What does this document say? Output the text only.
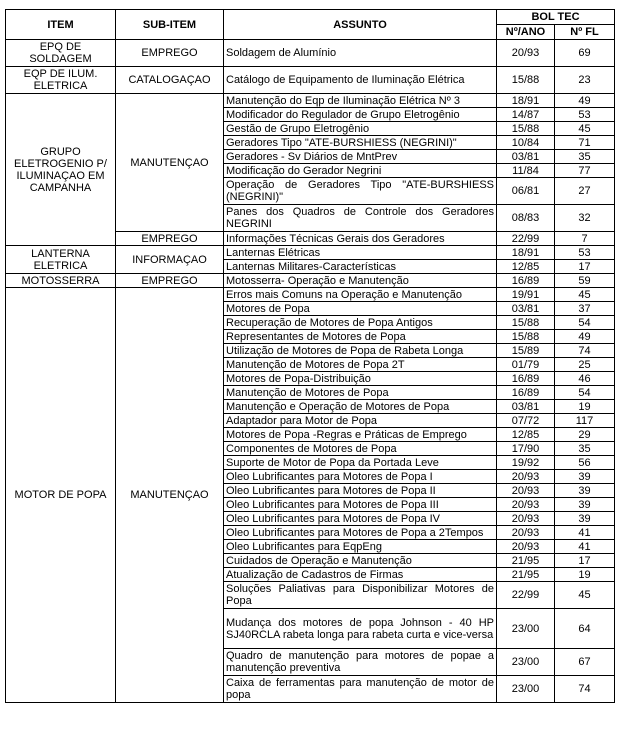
ITEM	SUB-ITEM	ASSUNTO	BOL TEC	
			Nº/ANO	Nº FL
EPQ DE SOLDAGEM	EMPREGO	Soldagem de Alumínio	20/93	69
EQP DE ILUM. ELETRICA	CATALOGAÇAO	Catálogo de Equipamento de Iluminação Elétrica	15/88	23
GRUPO ELETROGENIO P/ ILUMINAÇAO EM CAMPANHA	MANUTENÇAO	Manutenção do Eqp de Iluminação Elétrica Nº 3	18/91	49
		Modificador do Regulador de Grupo Eletrogênio	14/87	53
		Gestão de Grupo Eletrogênio	15/88	45
		Geradores Tipo "ATE-BURSHIESS (NEGRINI)"	10/84	71
		Geradores - Sv Diários de MntPrev	03/81	35
		Modificação do Gerador Negrini	11/84	77
		Operação de Geradores Tipo "ATE-BURSHIESS (NEGRINI)"	06/81	27
		Panes dos Quadros de Controle dos Geradores NEGRINI	08/83	32
	EMPREGO	Informações Técnicas Gerais dos Geradores	22/99	7
LANTERNA ELETRICA	INFORMAÇAO	Lanternas Elétricas	18/91	53
		Lanternas Militares-Características	12/85	17
MOTOSSERRA	EMPREGO	Motosserra- Operação e Manutenção	16/89	59
MOTOR DE POPA	MANUTENÇAO	Erros mais Comuns na Operação e Manutenção	19/91	45
		Motores de Popa	03/81	37
		Recuperação de Motores de Popa Antigos	15/88	54
		Representantes de Motores de Popa	15/88	49
		Utilização de Motores de Popa de Rabeta Longa	15/89	74
		Manutenção de Motores de Popa 2T	01/79	25
		Motores de Popa-Distribuição	16/89	46
		Manutenção de Motores de Popa	16/89	54
		Manutenção e Operação de Motores de Popa	03/81	19
		Adaptador para Motor de Popa	07/72	117
		Motores de Popa -Regras e Práticas de Emprego	12/85	29
		Componentes de Motores de Popa	17/90	35
		Suporte de Motor de Popa da Portada Leve	19/92	56
		Oleo Lubrificantes para Motores de Popa I	20/93	39
		Oleo Lubrificantes para Motores de Popa II	20/93	39
		Oleo Lubrificantes para Motores de Popa III	20/93	39
		Oleo Lubrificantes para Motores de Popa IV	20/93	39
		Oleo Lubrificantes para Motores de Popa a 2Tempos	20/93	41
		Oleo Lubrificantes para EqpEng	20/93	41
		Cuidados de Operação e Manutenção	21/95	17
		Atualização de Cadastros de Firmas	21/95	19
		Soluções Paliativas para Disponibilizar Motores de Popa	22/99	45
		Mudança dos motores de popa Johnson - 40 HP SJ40RCLA rabeta longa para rabeta curta e vice-versa	23/00	64
		Quadro de manutenção para motores de popae a manutenção preventiva	23/00	67
		Caixa de ferramentas para manutenção de motor de popa	23/00	74
